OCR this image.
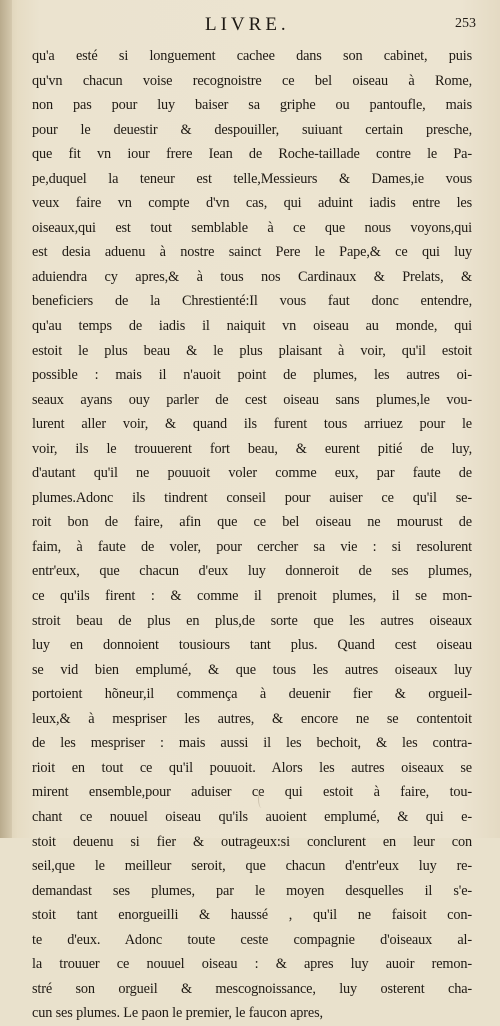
LIVRE.	253
qu'a esté si longuement cachee dans son cabinet, puis
qu'vn chacun voise recognoistre ce bel oiseau à Rome,
non pas pour luy baiser sa griphe ou pantoufle, mais
pour le deuestir & despouiller, suiuant certain presche,
que fit vn iour frere Iean de Roche-taillade contre le Pa-
pe,duquel la teneur est telle,Messieurs & Dames,ie vous
veux faire vn compte d'vn cas, qui aduint iadis entre les
oiseaux,qui est tout semblable à ce que nous voyons,qui
est desia aduenu à nostre sainct Pere le Pape,& ce qui luy
aduiendra cy apres,& à tous nos Cardinaux & Prelats, &
beneficiers de la Chrestienté:Il vous faut donc entendre,
qu'au temps de iadis il naiquit vn oiseau au monde, qui
estoit le plus beau & le plus plaisant à voir, qu'il estoit
possible : mais il n'auoit point de plumes, les autres oi-
seaux ayans ouy parler de cest oiseau sans plumes,le vou-
lurent aller voir, & quand ils furent tous arriuez pour le
voir, ils le trouuerent fort beau, & eurent pitié de luy,
d'autant qu'il ne pouuoit voler comme eux, par faute de
plumes.Adonc ils tindrent conseil pour auiser ce qu'il se-
roit bon de faire, afin que ce bel oiseau ne mourust de
faim, à faute de voler, pour cercher sa vie : si resolurent
entr'eux, que chacun d'eux luy donneroit de ses plumes,
ce qu'ils firent : & comme il prenoit plumes, il se mon-
stroit beau de plus en plus,de sorte que les autres oiseaux
luy en donnoient tousiours tant plus. Quand cest oiseau
se vid bien emplumé, & que tous les autres oiseaux luy
portoient hõneur,il commença à deuenir fier & orgueil-
leux,& à mespriser les autres, & encore ne se contentoit
de les mespriser : mais aussi il les bechoit, & les contra-
rioit en tout ce qu'il pouuoit. Alors les autres oiseaux se
mirent ensemble,pour aduiser ce qui estoit à faire, tou-
chant ce nouuel oiseau qu'ils auoient emplumé, & qui e-
stoit deuenu si fier & outrageux:si conclurent en leur con
seil,que le meilleur seroit, que chacun d'entr'eux luy re-
demandast ses plumes, par le moyen desquelles il s'e-
stoit tant enorgueilli & haussé , qu'il ne faisoit con-
te d'eux. Adonc toute ceste compagnie d'oiseaux al-
la trouuer ce nouuel oiseau : & apres luy auoir remon-
stré son orgueil & mescognoissance, luy osterent cha-
cun ses plumes. Le paon le premier, le faucon apres,
